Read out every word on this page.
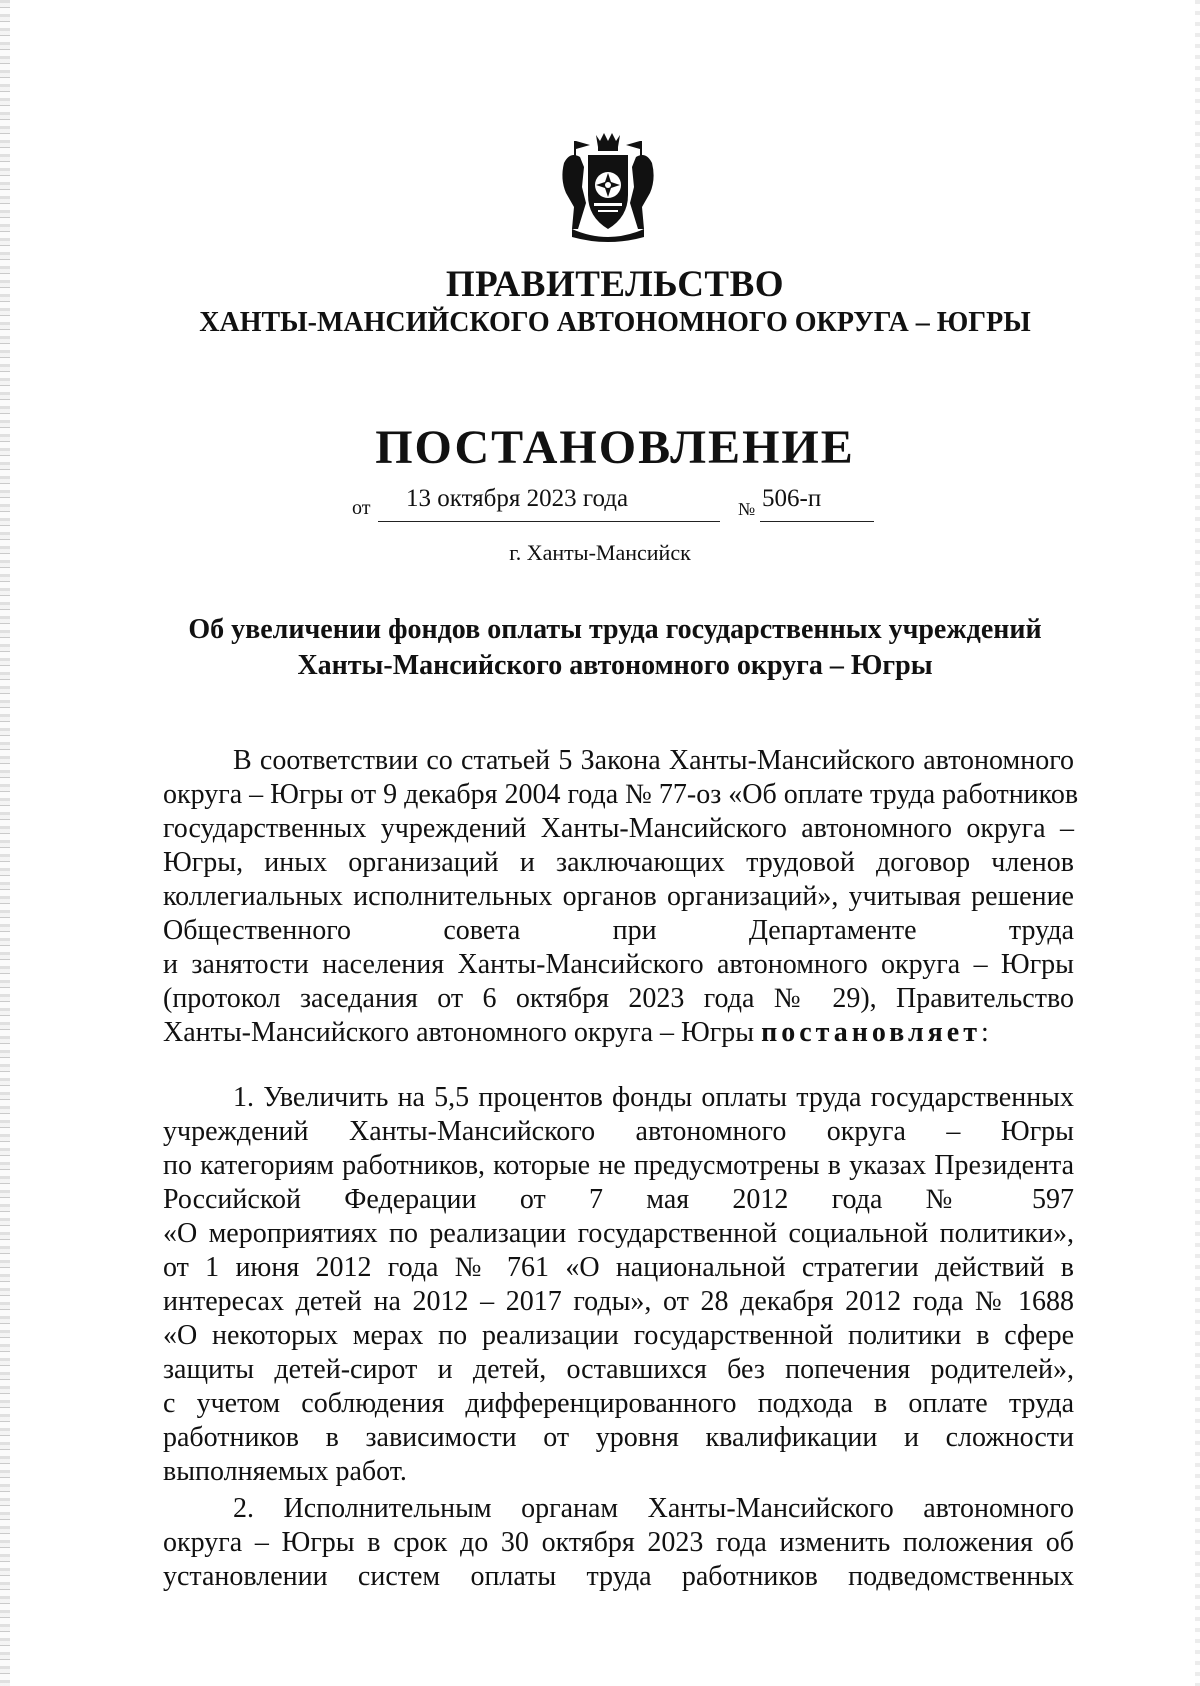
ПРАВИТЕЛЬСТВО
ХАНТЫ-МАНСИЙСКОГО АВТОНОМНОГО ОКРУГА – ЮГРЫ
ПОСТАНОВЛЕНИЕ
от	13 октября 2023 года	№ 506-п
г. Ханты-Мансийск
Об увеличении фондов оплаты труда государственных учреждений
Ханты-Мансийского автономного округа – Югры
В соответствии со статьей 5 Закона Ханты-Мансийского автономного
округа – Югры от 9 декабря 2004 года № 77-оз «Об оплате труда работников
государственных учреждений Ханты-Мансийского автономного округа –
Югры, иных организаций и заключающих трудовой договор членов
коллегиальных исполнительных органов организаций», учитывая решение
Общественного совета при Департаменте труда
и занятости населения Ханты-Мансийского автономного округа – Югры
(протокол заседания от 6 октября 2023 года № 29), Правительство
Ханты-Мансийского автономного округа – Югры постановляет:
1. Увеличить на 5,5 процентов фонды оплаты труда государственных
учреждений Ханты-Мансийского автономного округа – Югры
по категориям работников, которые не предусмотрены в указах Президента
Российской Федерации от 7 мая 2012 года № 597
«О мероприятиях по реализации государственной социальной политики»,
от 1 июня 2012 года № 761 «О национальной стратегии действий в
интересах детей на 2012 – 2017 годы», от 28 декабря 2012 года № 1688
«О некоторых мерах по реализации государственной политики в сфере
защиты детей-сирот и детей, оставшихся без попечения родителей»,
с учетом соблюдения дифференцированного подхода в оплате труда
работников в зависимости от уровня квалификации и сложности
выполняемых работ.
2. Исполнительным органам Ханты-Мансийского автономного
округа – Югры в срок до 30 октября 2023 года изменить положения об
установлении систем оплаты труда работников подведомственных
